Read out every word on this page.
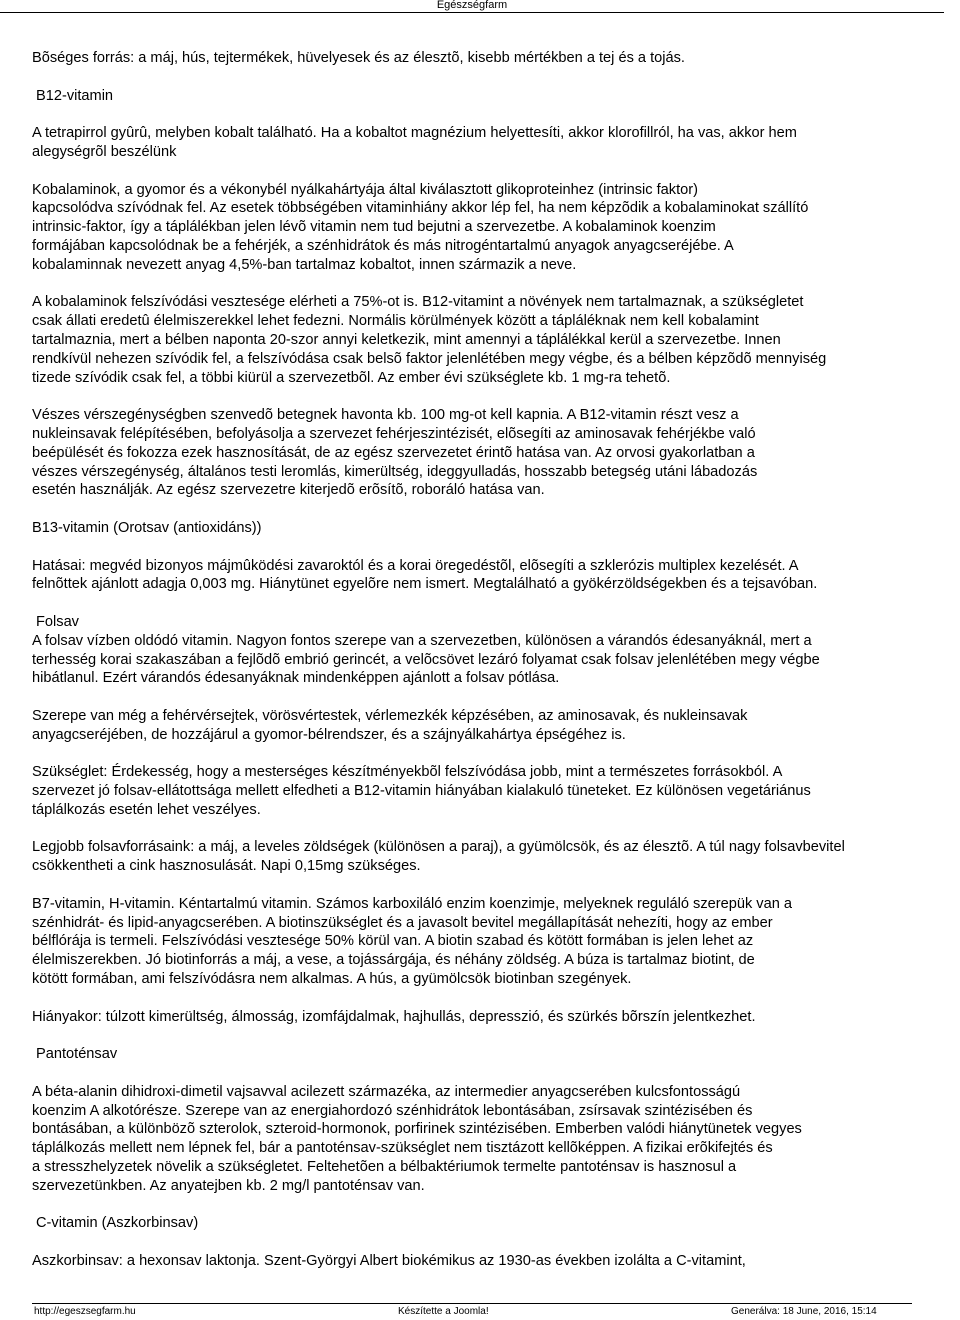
Egészségfarm
Bõséges forrás: a máj, hús, tejtermékek, hüvelyesek és az élesztõ, kisebb mértékben a tej és a tojás.
B12-vitamin
A tetrapirrol gyûrû, melyben kobalt található. Ha a kobaltot magnézium helyettesíti, akkor klorofillról, ha vas, akkor hem
alegységrõl beszélünk
Kobalaminok, a gyomor és a vékonybél nyálkahártyája által kiválasztott glikoproteinhez (intrinsic faktor)
kapcsolódva szívódnak fel. Az esetek többségében vitaminhiány akkor lép fel, ha nem képzõdik a kobalaminokat szállító
intrinsic-faktor, így a táplálékban jelen lévõ vitamin nem tud bejutni a szervezetbe. A kobalaminok koenzim
formájában kapcsolódnak be a fehérjék, a szénhidrátok és más nitrogéntartalmú anyagok anyagcseréjébe. A
kobalaminnak nevezett anyag 4,5%-ban tartalmaz kobaltot, innen származik a neve.
A kobalaminok felszívódási vesztesége elérheti a 75%-ot is. B12-vitamint a növények nem tartalmaznak, a szükségletet
csak állati eredetû élelmiszerekkel lehet fedezni. Normális körülmények között a tápláléknak nem kell kobalamint
tartalmaznia, mert a bélben naponta 20-szor annyi keletkezik, mint amennyi a táplálékkal kerül a szervezetbe. Innen
rendkívül nehezen szívódik fel, a felszívódása csak belsõ faktor jelenlétében megy végbe, és a bélben képzõdõ mennyiség
tizede szívódik csak fel, a többi kiürül a szervezetbõl. Az ember évi szükséglete kb. 1 mg-ra tehetõ.
Vészes vérszegénységben szenvedõ betegnek havonta kb. 100 mg-ot kell kapnia. A B12-vitamin részt vesz a
nukleinsavak felépítésében, befolyásolja a szervezet fehérjeszintézisét, elõsegíti az aminosavak fehérjékbe való
beépülését és fokozza ezek hasznosítását, de az egész szervezetet érintõ hatása van. Az orvosi gyakorlatban a
vészes vérszegénység, általános testi leromlás, kimerültség, ideggyulladás, hosszabb betegség utáni lábadozás
esetén használják. Az egész szervezetre kiterjedõ erõsítõ, roboráló hatása van.
B13-vitamin (Orotsav (antioxidáns))
Hatásai: megvéd bizonyos májmûködési zavaroktól és a korai öregedéstõl, elõsegíti a szklerózis multiplex kezelését. A
felnõttek ajánlott adagja 0,003 mg. Hiánytünet egyelõre nem ismert. Megtalálható a gyökérzöldségekben és a tejsavóban.
Folsav
A folsav vízben oldódó vitamin. Nagyon fontos szerepe van a szervezetben, különösen a várandós édesanyáknál, mert a
terhesség korai szakaszában a fejlõdõ embrió gerincét, a velõcsövet lezáró folyamat csak folsav jelenlétében megy végbe
hibátlanul. Ezért várandós édesanyáknak mindenképpen ajánlott a folsav pótlása.
Szerepe van még a fehérvérsejtek, vörösvértestek, vérlemezkék képzésében, az aminosavak, és nukleinsavak
anyagcseréjében, de hozzájárul a gyomor-bélrendszer, és a szájnyálkahártya épségéhez is.
Szükséglet: Érdekesség, hogy a mesterséges készítményekbõl felszívódása jobb, mint a természetes forrásokból. A
szervezet jó folsav-ellátottsága mellett elfedheti a B12-vitamin hiányában kialakuló tüneteket. Ez különösen vegetáriánus
táplálkozás esetén lehet veszélyes.
Legjobb folsavforrásaink: a máj, a leveles zöldségek (különösen a paraj), a gyümölcsök, és az élesztõ. A túl nagy folsavbevitel
csökkentheti a cink hasznosulását. Napi 0,15mg szükséges.
B7-vitamin, H-vitamin. Kéntartalmú vitamin. Számos karboxiláló enzim koenzimje, melyeknek reguláló szerepük van a
szénhidrát- és lipid-anyagcserében. A biotinszükséglet és a javasolt bevitel megállapítását nehezíti, hogy az ember
bélflórája is termeli. Felszívódási vesztesége 50% körül van. A biotin szabad és kötött formában is jelen lehet az
élelmiszerekben. Jó biotinforrás a máj, a vese, a tojássárgája, és néhány zöldség. A búza is tartalmaz biotint, de
kötött formában, ami felszívódásra nem alkalmas. A hús, a gyümölcsök biotinban szegények.
Hiányakor: túlzott kimerültség, álmosság, izomfájdalmak, hajhullás, depresszió, és szürkés bõrszín jelentkezhet.
Pantoténsav
A béta-alanin dihidroxi-dimetil vajsavval acilezett származéka, az intermedier anyagcserében kulcsfontosságú
koenzim A alkotórésze. Szerepe van az energiahordozó szénhidrátok lebontásában, zsírsavak szintézisében és
bontásában, a különbözõ szterolok, szteroid-hormonok, porfirinek szintézisében. Emberben valódi hiánytünetek vegyes
táplálkozás mellett nem lépnek fel, bár a pantoténsav-szükséglet nem tisztázott kellõképpen. A fizikai erõkifejtés és
a stresszhelyzetek növelik a szükségletet. Feltehetõen a bélbaktériumok termelte pantoténsav is hasznosul a
szervezetünkben. Az anyatejben kb. 2 mg/l pantoténsav van.
C-vitamin (Aszkorbinsav)
Aszkorbinsav: a hexonsav laktonja. Szent-Györgyi Albert biokémikus az 1930-as években izolálta a C-vitamint,
http://egeszsegfarm.hu	Készítette a Joomla!	Generálva: 18 June, 2016, 15:14
